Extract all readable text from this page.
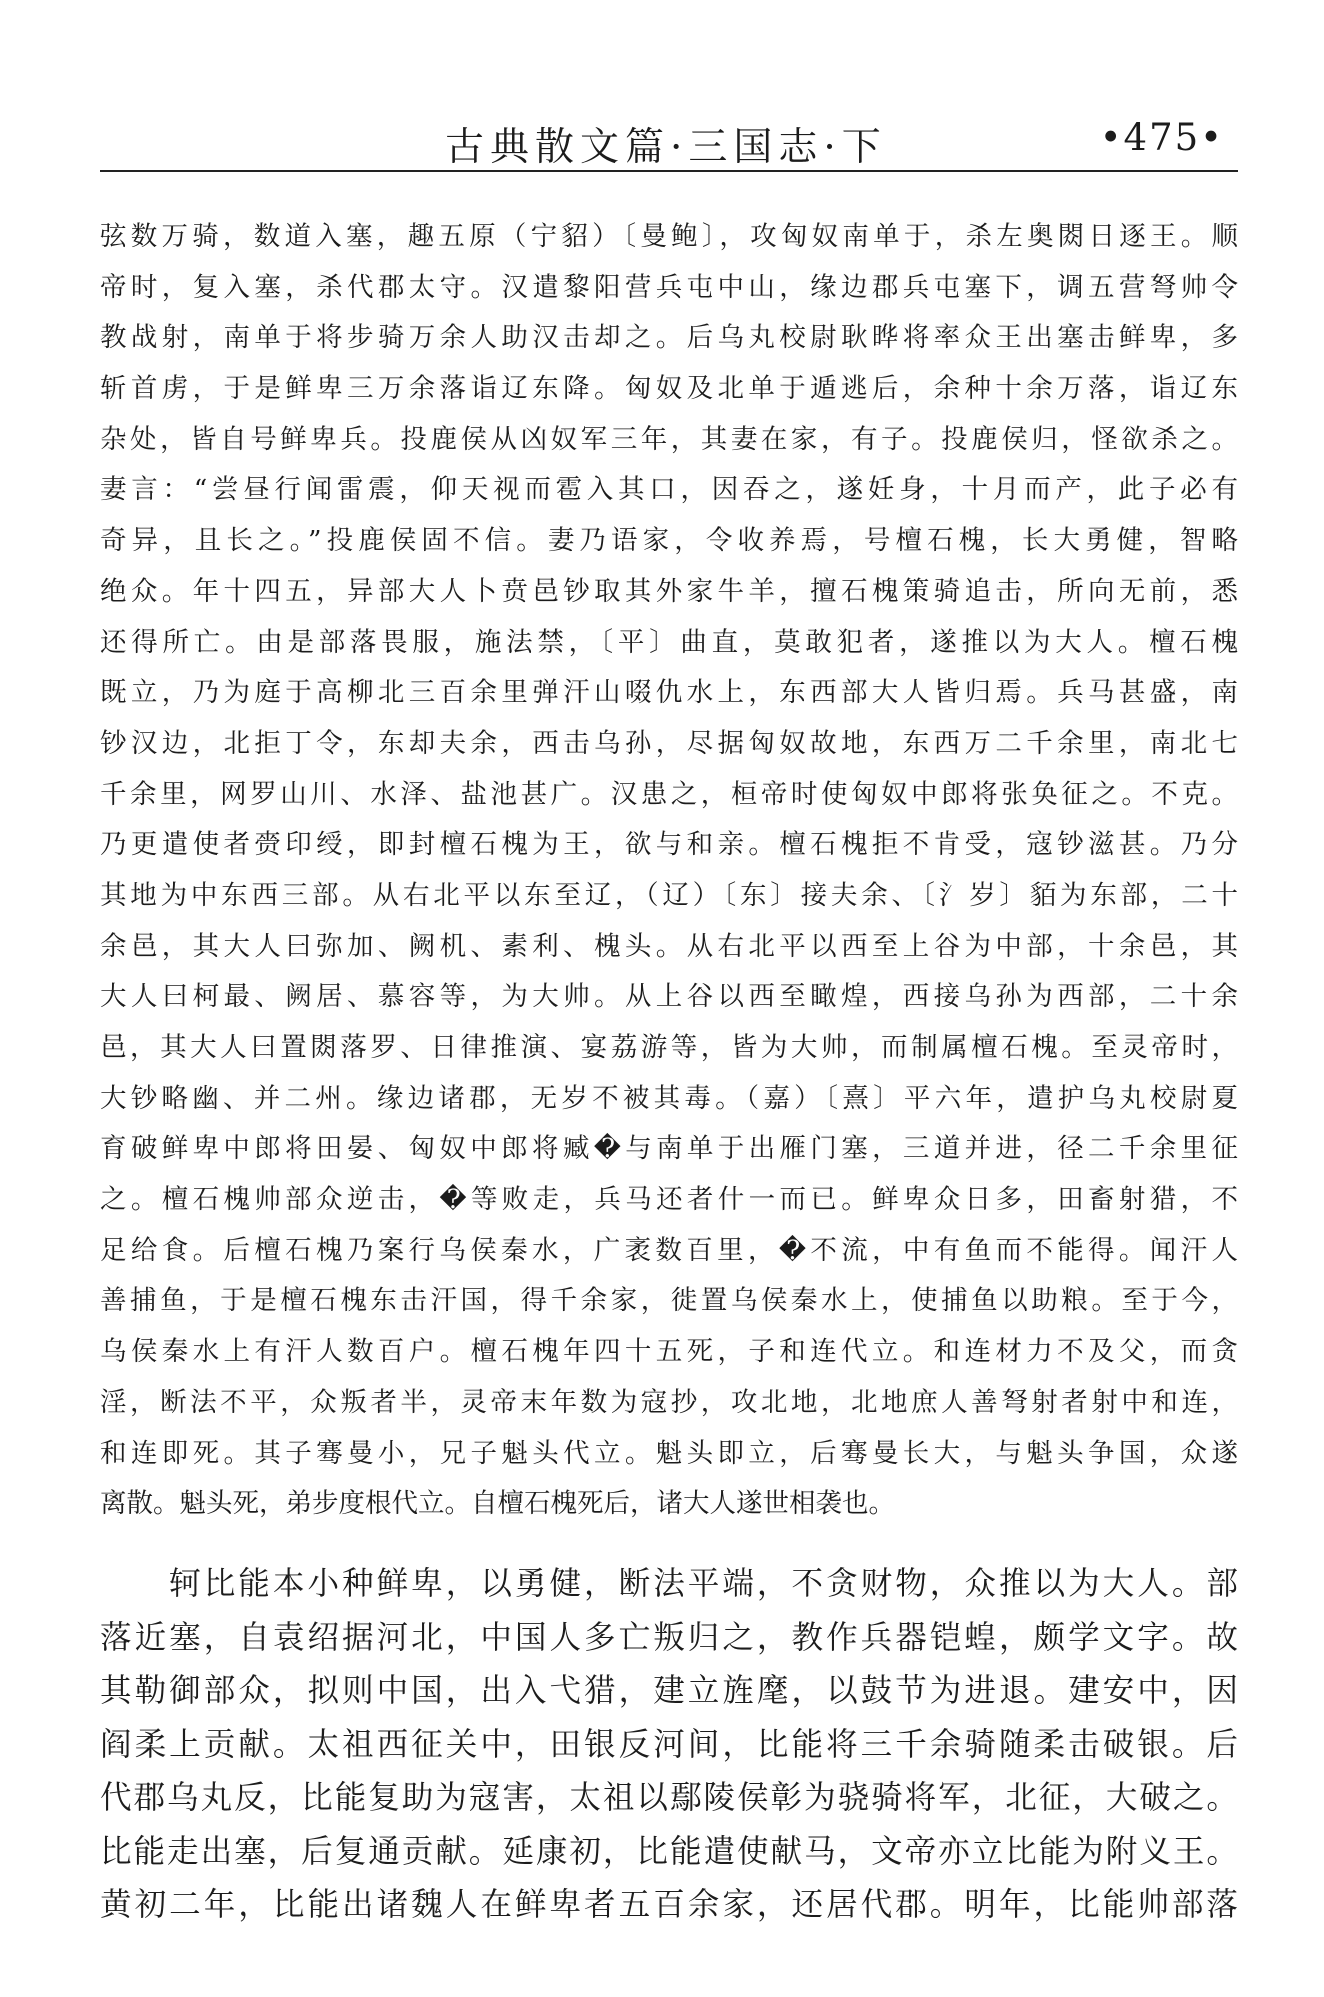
古典散文篇·三国志·下	•475•
弦数万骑，数道入塞，趣五原（宁貂）〔曼鲍〕，攻匈奴南单于，杀左奥閦日逐王。顺
帝时，复入塞，杀代郡太守。汉遣黎阳营兵屯中山，缘边郡兵屯塞下，调五营弩帅令
教战射，南单于将步骑万余人助汉击却之。后乌丸校尉耿晔将率众王出塞击鲜卑，多
斩首虏，于是鲜卑三万余落诣辽东降。匈奴及北单于遁逃后，余种十余万落，诣辽东
杂处，皆自号鲜卑兵。投鹿侯从凶奴军三年，其妻在家，有子。投鹿侯归，怪欲杀之。
妻言：“尝昼行闻雷震，仰天视而雹入其口，因吞之，遂妊身，十月而产，此子必有
奇异，且长之。”投鹿侯固不信。妻乃语家，令收养焉，号檀石槐，长大勇健，智略
绝众。年十四五，异部大人卜贲邑钞取其外家牛羊，擅石槐策骑追击，所向无前，悉
还得所亡。由是部落畏服，施法禁，〔平〕曲直，莫敢犯者，遂推以为大人。檀石槐
既立，乃为庭于高柳北三百余里弹汗山啜仇水上，东西部大人皆归焉。兵马甚盛，南
钞汉边，北拒丁令，东却夫余，西击乌孙，尽据匈奴故地，东西万二千余里，南北七
千余里，网罗山川、水泽、盐池甚广。汉患之，桓帝时使匈奴中郎将张奂征之。不克。
乃更遣使者赍印绶，即封檀石槐为王，欲与和亲。檀石槐拒不肯受，寇钞滋甚。乃分
其地为中东西三部。从右北平以东至辽，（辽）〔东〕接夫余、〔氵岁〕貊为东部，二十
余邑，其大人曰弥加、阙机、素利、槐头。从右北平以西至上谷为中部，十余邑，其
大人曰柯最、阙居、慕容等，为大帅。从上谷以西至瞰煌，西接乌孙为西部，二十余
邑，其大人曰置閦落罗、日律推演、宴荔游等，皆为大帅，而制属檀石槐。至灵帝时，
大钞略幽、并二州。缘边诸郡，无岁不被其毒。（嘉）〔熹〕平六年，遣护乌丸校尉夏
育破鲜卑中郎将田晏、匈奴中郎将臧�与南单于出雁门塞，三道并进，径二千余里征
之。檀石槐帅部众逆击，�等败走，兵马还者什一而已。鲜卑众日多，田畜射猎，不
足给食。后檀石槐乃案行乌侯秦水，广袤数百里，�不流，中有鱼而不能得。闻汗人
善捕鱼，于是檀石槐东击汗国，得千余家，徙置乌侯秦水上，使捕鱼以助粮。至于今，
乌侯秦水上有汗人数百户。檀石槐年四十五死，子和连代立。和连材力不及父，而贪
淫，断法不平，众叛者半，灵帝末年数为寇抄，攻北地，北地庶人善弩射者射中和连，
和连即死。其子骞曼小，兄子魁头代立。魁头即立，后骞曼长大，与魁头争国，众遂
离散。魁头死，弟步度根代立。自檀石槐死后，诸大人遂世相袭也。
　　轲比能本小种鲜卑，以勇健，断法平端，不贪财物，众推以为大人。部
落近塞，自袁绍据河北，中国人多亡叛归之，教作兵器铠蝗，颇学文字。故
其勒御部众，拟则中国，出入弋猎，建立旌麾，以鼓节为进退。建安中，因
阎柔上贡献。太祖西征关中，田银反河间，比能将三千余骑随柔击破银。后
代郡乌丸反，比能复助为寇害，太祖以鄢陵侯彰为骁骑将军，北征，大破之。
比能走出塞，后复通贡献。延康初，比能遣使献马，文帝亦立比能为附义王。
黄初二年，比能出诸魏人在鲜卑者五百余家，还居代郡。明年，比能帅部落
